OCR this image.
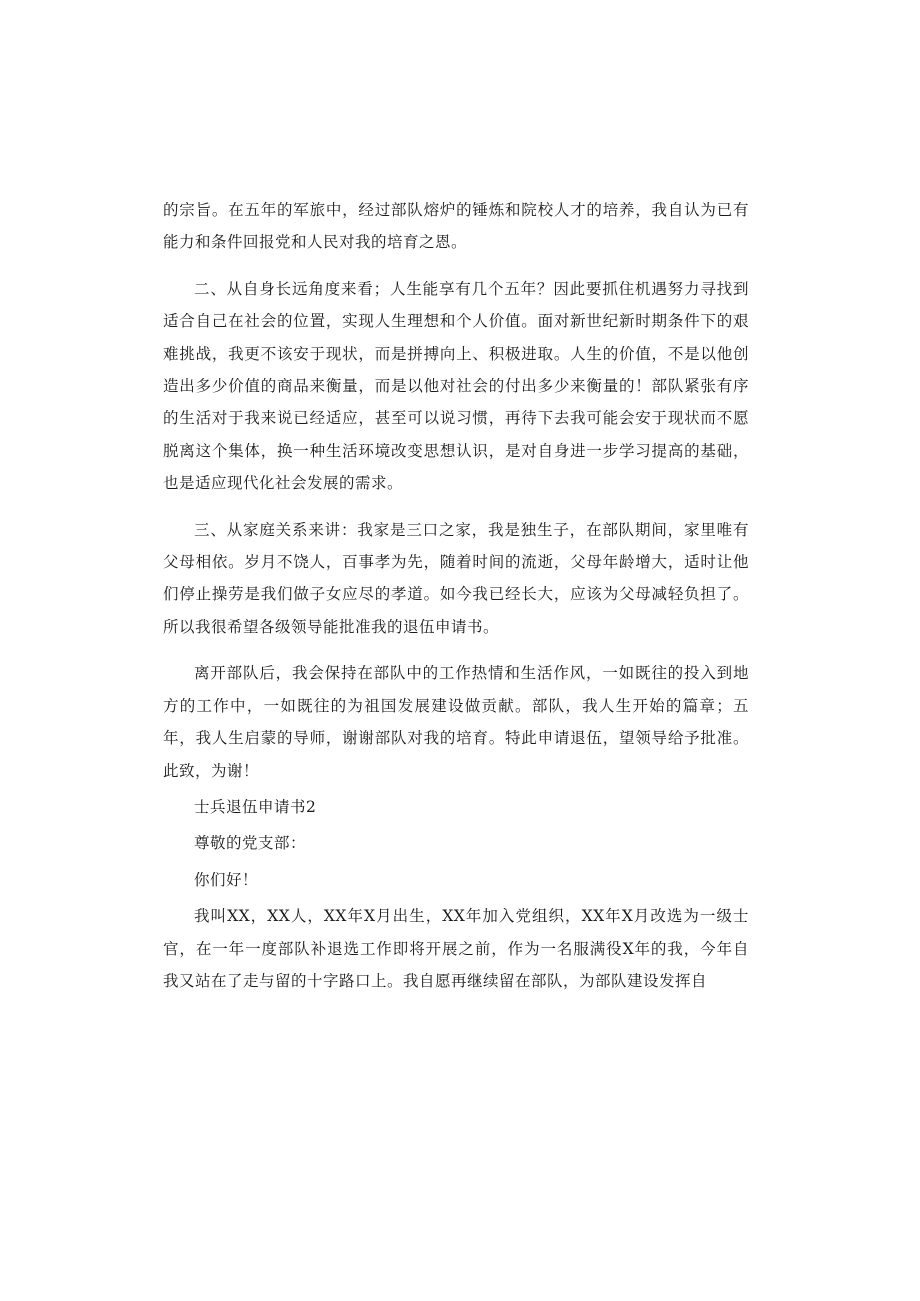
的宗旨。在五年的军旅中，经过部队熔炉的锤炼和院校人才的培养，我自认为已有能力和条件回报党和人民对我的培育之恩。

二、从自身长远角度来看；人生能享有几个五年？因此要抓住机遇努力寻找到适合自己在社会的位置，实现人生理想和个人价值。面对新世纪新时期条件下的艰难挑战，我更不该安于现状，而是拼搏向上、积极进取。人生的价值，不是以他创造出多少价值的商品来衡量，而是以他对社会的付出多少来衡量的！部队紧张有序的生活对于我来说已经适应，甚至可以说习惯，再待下去我可能会安于现状而不愿脱离这个集体，换一种生活环境改变思想认识，是对自身进一步学习提高的基础，也是适应现代化社会发展的需求。

三、从家庭关系来讲：我家是三口之家，我是独生子，在部队期间，家里唯有父母相依。岁月不饶人，百事孝为先，随着时间的流逝，父母年龄增大，适时让他们停止操劳是我们做子女应尽的孝道。如今我已经长大，应该为父母减轻负担了。所以我很希望各级领导能批准我的退伍申请书。

离开部队后，我会保持在部队中的工作热情和生活作风，一如既往的投入到地方的工作中，一如既往的为祖国发展建设做贡献。部队，我人生开始的篇章；五年，我人生启蒙的导师，谢谢部队对我的培育。特此申请退伍，望领导给予批准。此致，为谢！

士兵退伍申请书2

尊敬的党支部：

你们好！

我叫XX，XX人，XX年X月出生，XX年加入党组织，XX年X月改选为一级士官，在一年一度部队补退选工作即将开展之前，作为一名服满役X年的我，今年自我又站在了走与留的十字路口上。我自愿再继续留在部队，为部队建设发挥自
